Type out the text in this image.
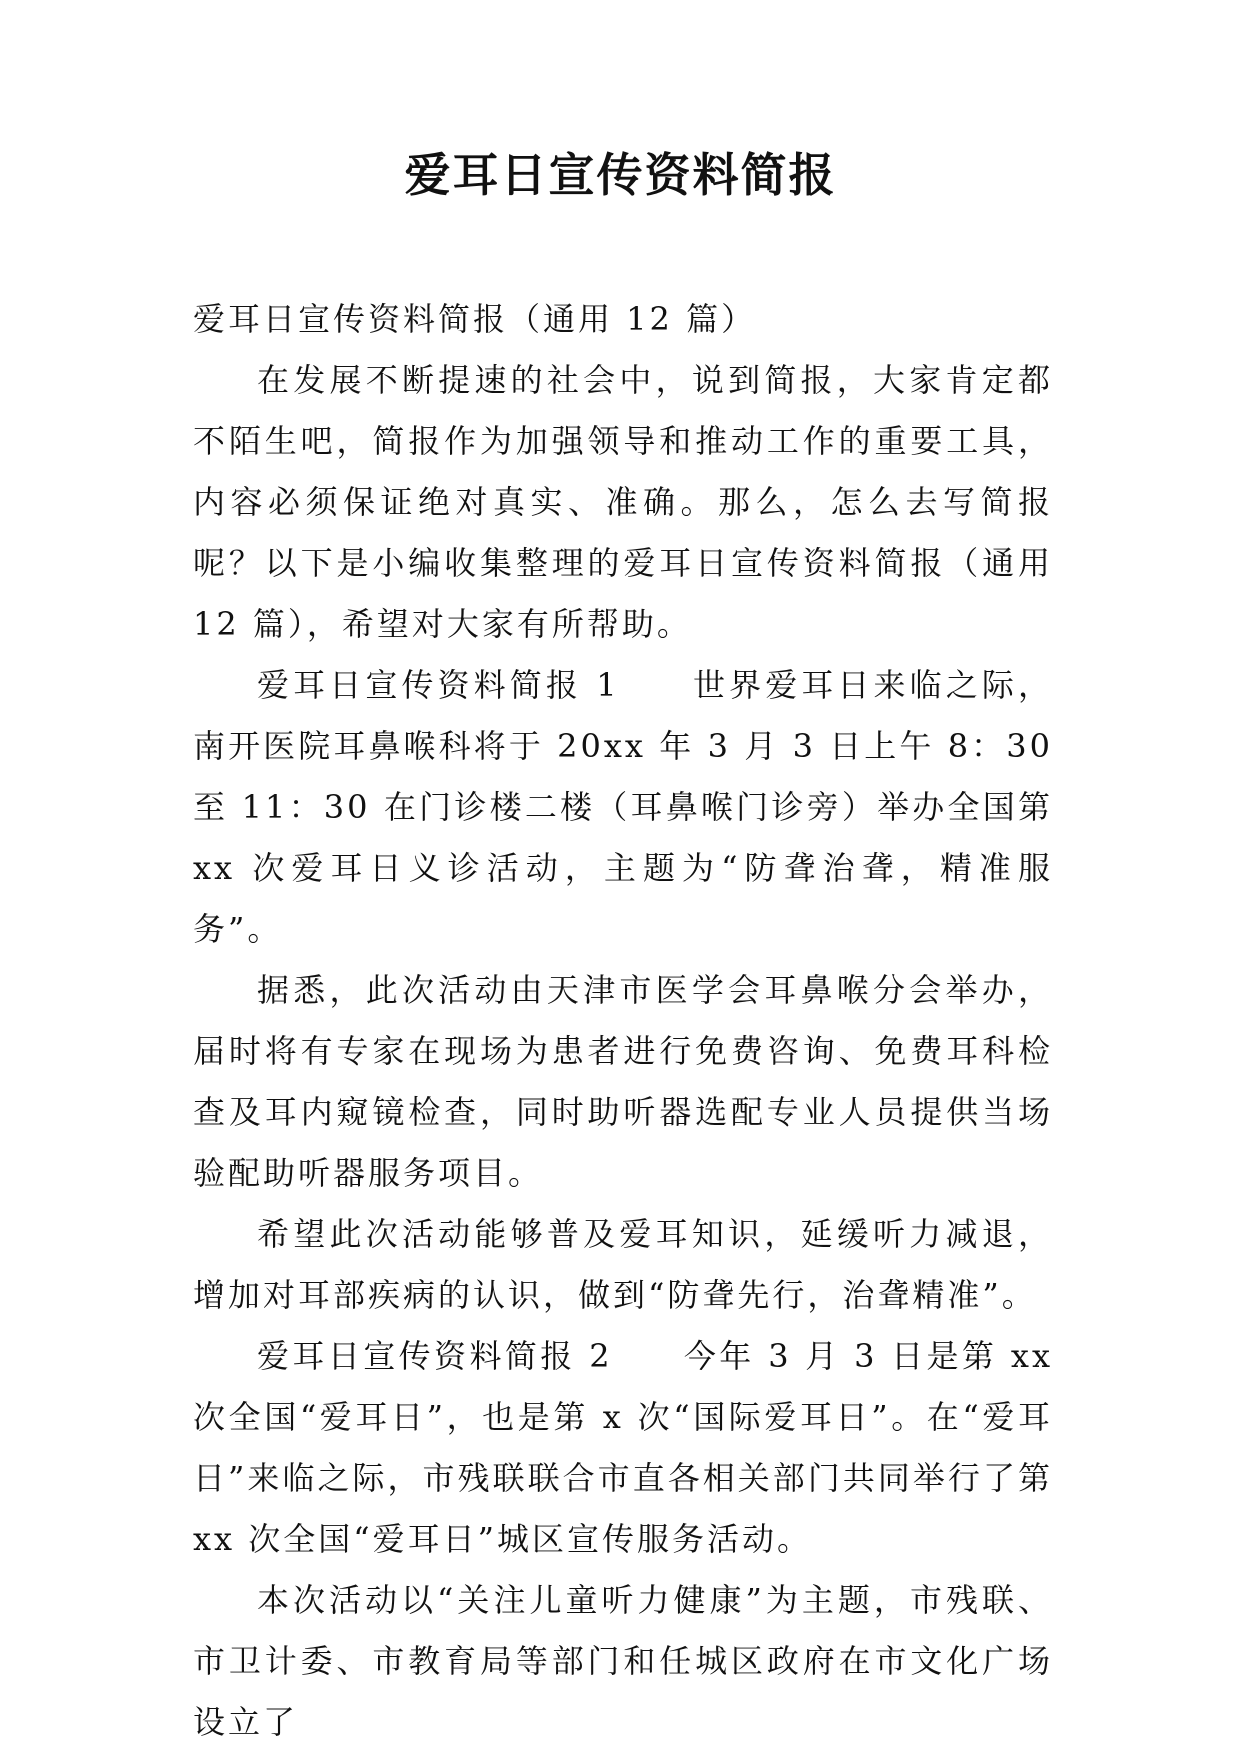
爱耳日宣传资料简报

爱耳日宣传资料简报（通用 12 篇）

在发展不断提速的社会中，说到简报，大家肯定都不陌生吧，简报作为加强领导和推动工作的重要工具，内容必须保证绝对真实、准确。那么，怎么去写简报呢？以下是小编收集整理的爱耳日宣传资料简报（通用 12 篇），希望对大家有所帮助。

爱耳日宣传资料简报 1　　世界爱耳日来临之际，南开医院耳鼻喉科将于 20xx 年 3 月 3 日上午 8：30 至 11：30 在门诊楼二楼（耳鼻喉门诊旁）举办全国第 xx 次爱耳日义诊活动，主题为“防聋治聋，精准服务”。

据悉，此次活动由天津市医学会耳鼻喉分会举办，届时将有专家在现场为患者进行免费咨询、免费耳科检查及耳内窥镜检查，同时助听器选配专业人员提供当场验配助听器服务项目。

希望此次活动能够普及爱耳知识，延缓听力减退，增加对耳部疾病的认识，做到“防聋先行，治聋精准”。

爱耳日宣传资料简报 2　　今年 3 月 3 日是第 xx 次全国“爱耳日”，也是第 x 次“国际爱耳日”。在“爱耳日”来临之际，市残联联合市直各相关部门共同举行了第 xx 次全国“爱耳日”城区宣传服务活动。

本次活动以“关注儿童听力健康”为主题，市残联、市卫计委、市教育局等部门和任城区政府在市文化广场设立了
